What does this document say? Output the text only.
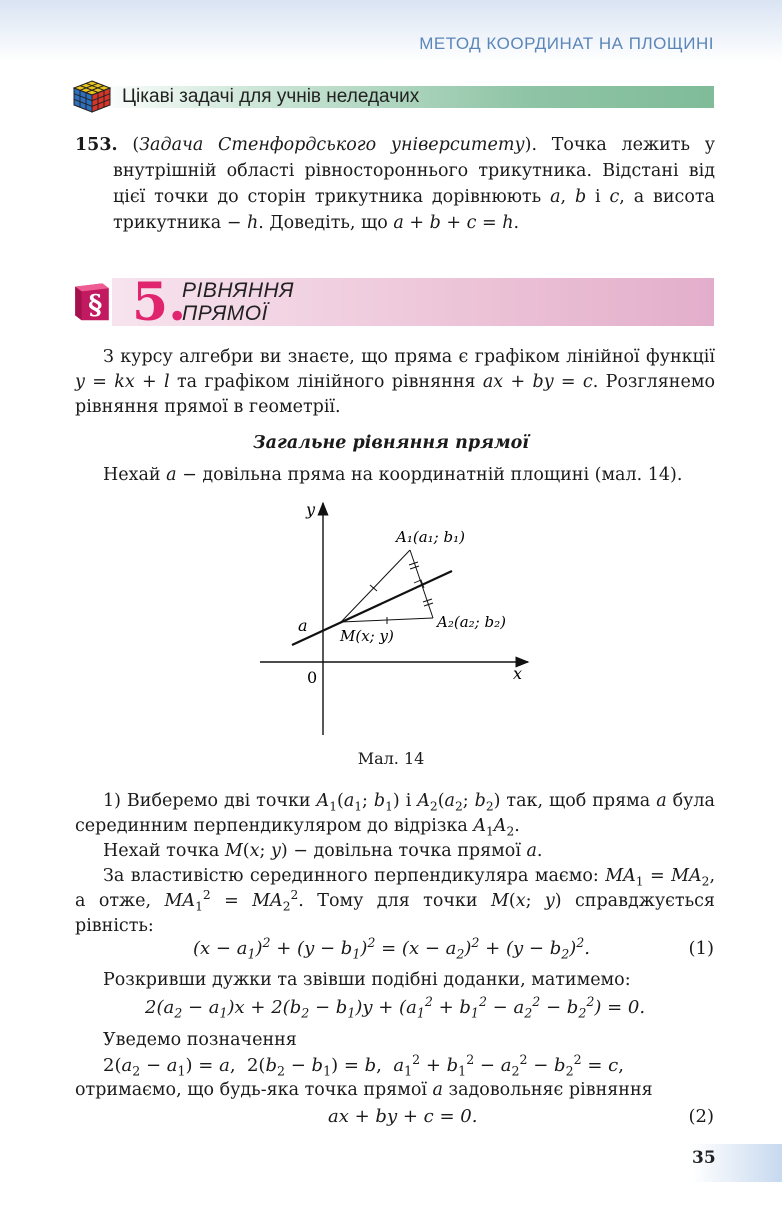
МЕТОД КООРДИНАТ НА ПЛОЩИНІ
Цікаві задачі для учнів неледачих

153. (Задача Стенфордського університету). Точка лежить у внутрішній області рівностороннього трикутника. Відстані від цієї точки до сторін трикутника дорівнюють a, b і c, а висота трикутника − h. Доведіть, що a + b + c = h.

§ 5.
РІВНЯННЯ
ПРЯМОЇ

З курсу алгебри ви знаєте, що пряма є графіком лінійної функції y = kx + l та графіком лінійного рівняння ax + by = c. Розглянемо рівняння прямої в геометрії.

Загальне рівняння прямої

Нехай a − довільна пряма на координатній площині (мал. 14).

y
x
0
a
A₁(a₁; b₁)
A₂(a₂; b₂)
M(x; y)
Мал. 14

1) Виберемо дві точки $A_1(a_1$; $b_1$) і $A_2(a_2$; $b_2$) так, щоб пряма a була серединним перпендикуляром до відрізка $A_1A_2$.

Нехай точка M(x; y) − довільна точка прямої a.

За властивістю серединного перпендикуляра маємо: $MA_1 = MA_2$, а отже, $MA_1^2 = MA_2^2$. Тому для точки M(x; y) справджується рівність:

$(x - a_1)^2 + (y - b_1)^2 = (x - a_2)^2 + (y - b_2)^2$.	(1)

Розкривши дужки та звівши подібні доданки, матимемо:

$2(a_2 - a_1)x + 2(b_2 - b_1)y + (a_1^2 + b_1^2 - a_2^2 - b_2^2) = 0$.

Уведемо позначення

$2(a_2 - a_1) = a$,  $2(b_2 - b_1) = b$,  $a_1^2 + b_1^2 - a_2^2 - b_2^2 = c$,

отримаємо, що будь-яка точка прямої a задовольняє рівняння

ax + by + c = 0.	(2)
35
